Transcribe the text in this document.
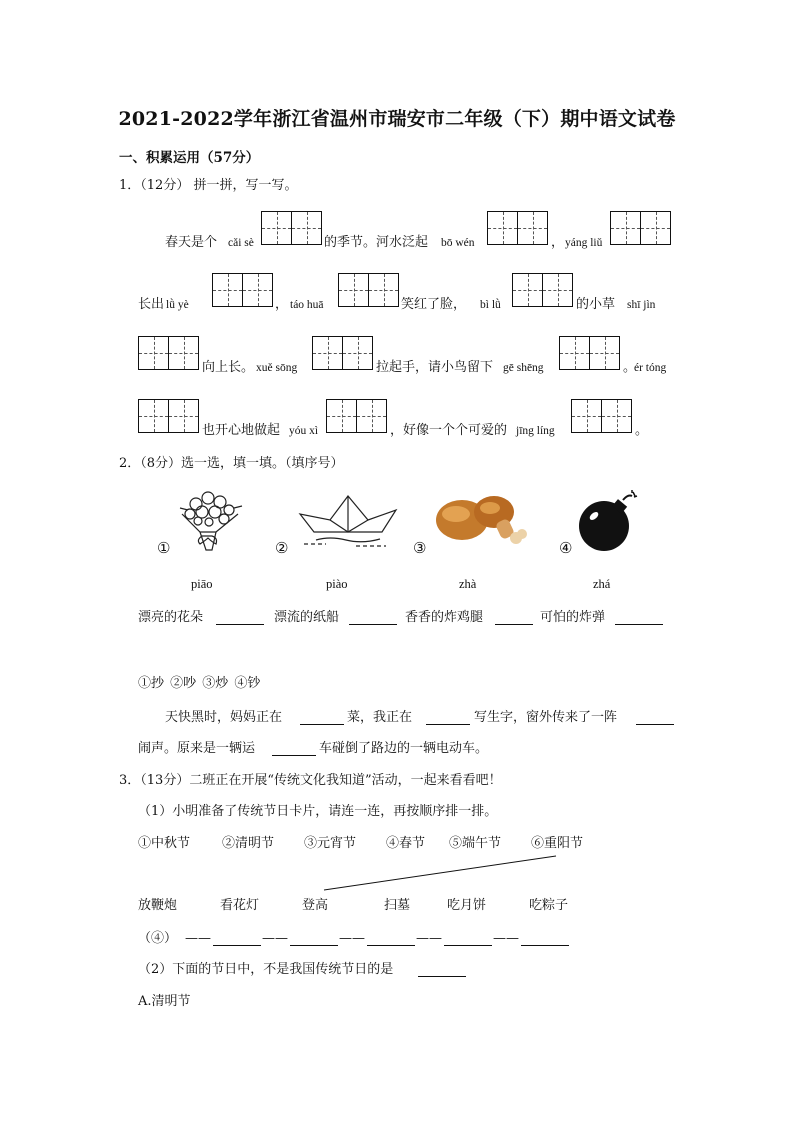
2021-2022学年浙江省温州市瑞安市二年级（下）期中语文试卷
一、积累运用（57分）
1．（12分） 拼一拼，写一写。
春天是个 cǎi sè	的季节。河水泛起 bō wén	， yáng liǔ
长出 lǜ yè	， táo huā	笑红了脸， bì lǜ	的小草 shī jìn
向上长。 xuě sōng	拉起手，请小鸟留下 gē shēng	。
ér tóng
也开心地做起 yóu xì	，好像一个个可爱的 jīng líng	。
2．（8分）选一选，填一填。（填序号）
①	②	③	④
piāo	piào	zhà	zhá
漂亮的花朵	漂流的纸船	香香的炸鸡腿	可怕的炸弹
①抄 ②吵 ③炒 ④钞
天快黑时，妈妈正在	菜，我正在	写生字，窗外传来了一阵
闹声。原来是一辆运	车碰倒了路边的一辆电动车。
3．（13分）二班正在开展“传统文化我知道”活动，一起来看看吧！
（1）小明准备了传统节日卡片，请连一连，再按顺序排一排。
①中秋节 ②清明节 ③元宵节 ④春节 ⑤端午节 ⑥重阳节
放鞭炮	看花灯	登高	扫墓	吃月饼	吃粽子
（④） ——	——	——	——	——
（2）下面的节日中，不是我国传统节日的是
A.清明节
